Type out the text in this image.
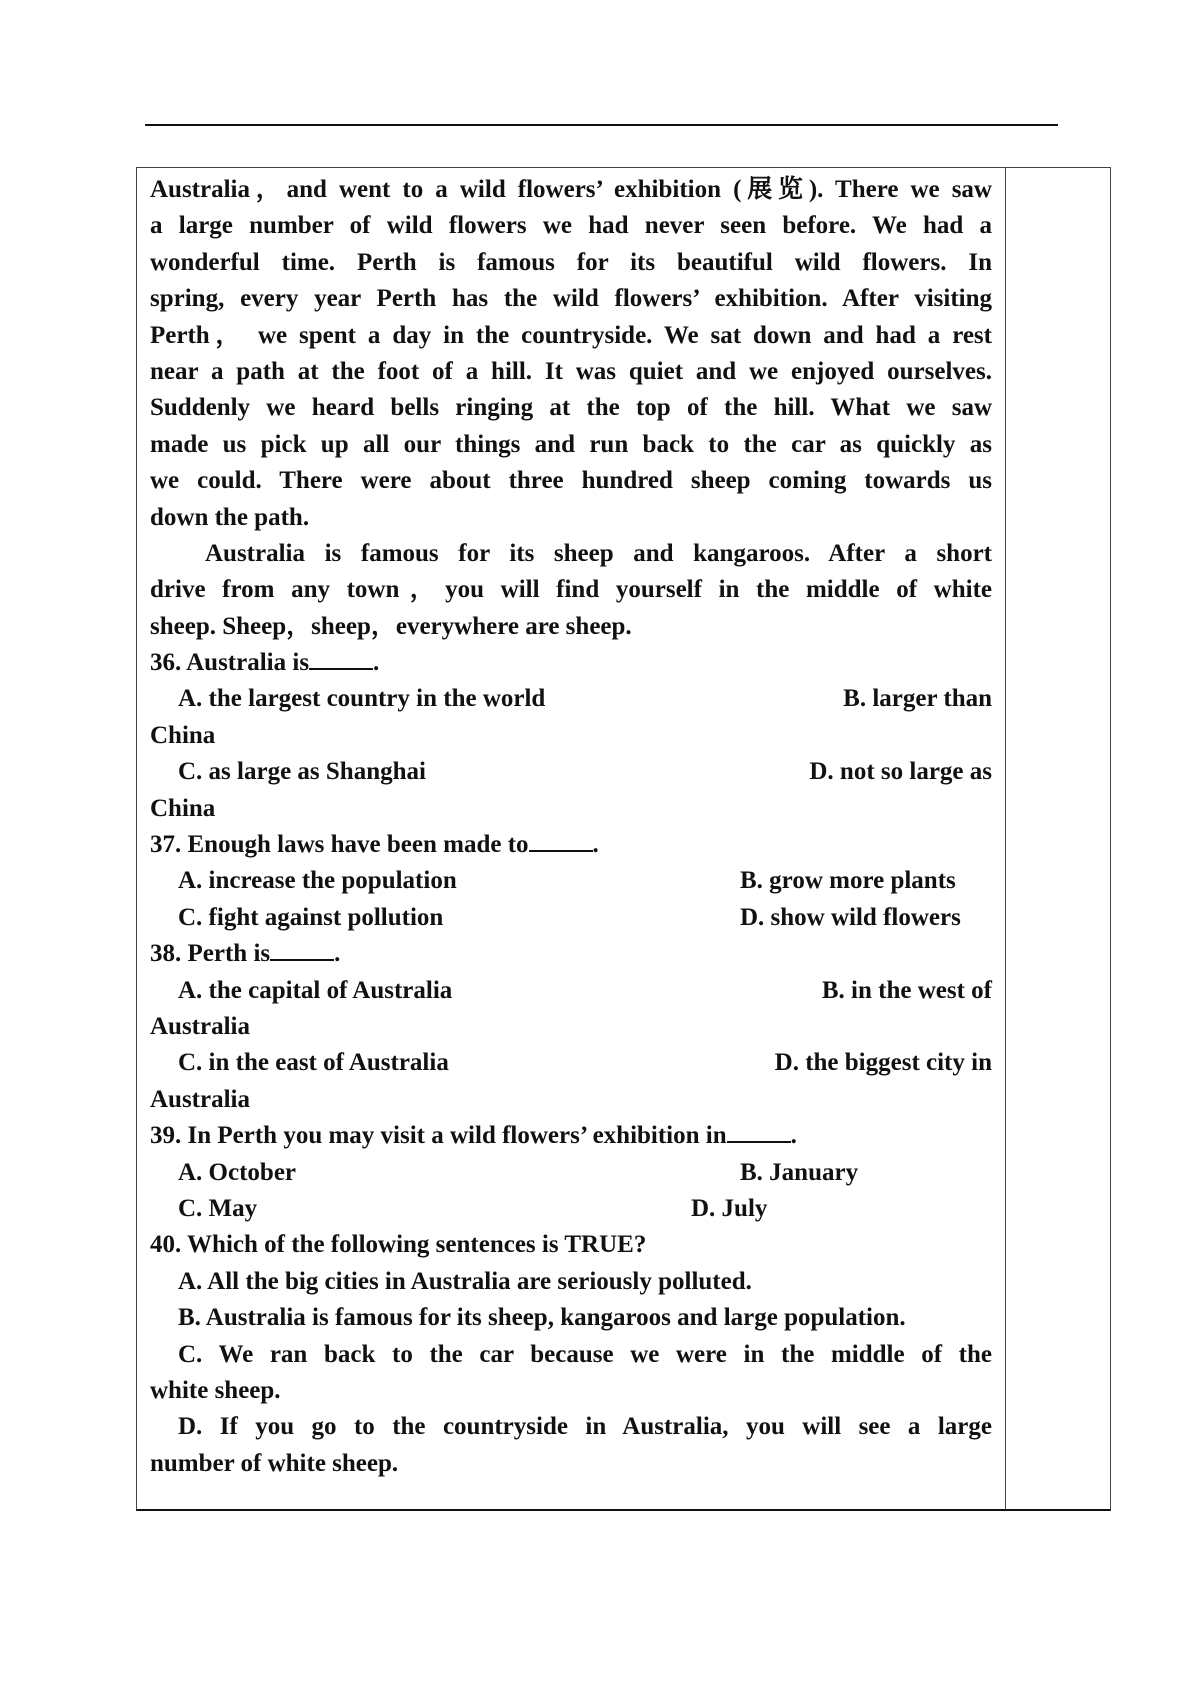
Australia，and went to a wild flowers’ exhibition (展览). There we saw
a large number of wild flowers we had never seen before. We had a
wonderful time. Perth is famous for its beautiful wild flowers. In
spring, every year Perth has the wild flowers’ exhibition. After visiting
Perth， we spent a day in the countryside. We sat down and had a rest
near a path at the foot of a hill. It was quiet and we enjoyed ourselves.
Suddenly we heard bells ringing at the top of the hill. What we saw
made us pick up all our things and run back to the car as quickly as
we could. There were about three hundred sheep coming towards us
down the path.
Australia is famous for its sheep and kangaroos. After a short
drive from any town，you will find yourself in the middle of white
sheep. Sheep，sheep，everywhere are sheep.
36. Australia is	.
A. the largest country in the world	B. larger than
China
C. as large as Shanghai	D. not so large as
China
37. Enough laws have been made to	.
A. increase the population	B. grow more plants
C. fight against pollution	D. show wild flowers
38. Perth is	.
A. the capital of Australia	B. in the west of
Australia
C. in the east of Australia	D. the biggest city in
Australia
39. In Perth you may visit a wild flowers’ exhibition in	.
A. October	B. January
C. May	D. July
40. Which of the following sentences is TRUE?
A. All the big cities in Australia are seriously polluted.
B. Australia is famous for its sheep, kangaroos and large population.
C. We ran back to the car because we were in the middle of the
white sheep.
D. If you go to the countryside in Australia, you will see a large
number of white sheep.
